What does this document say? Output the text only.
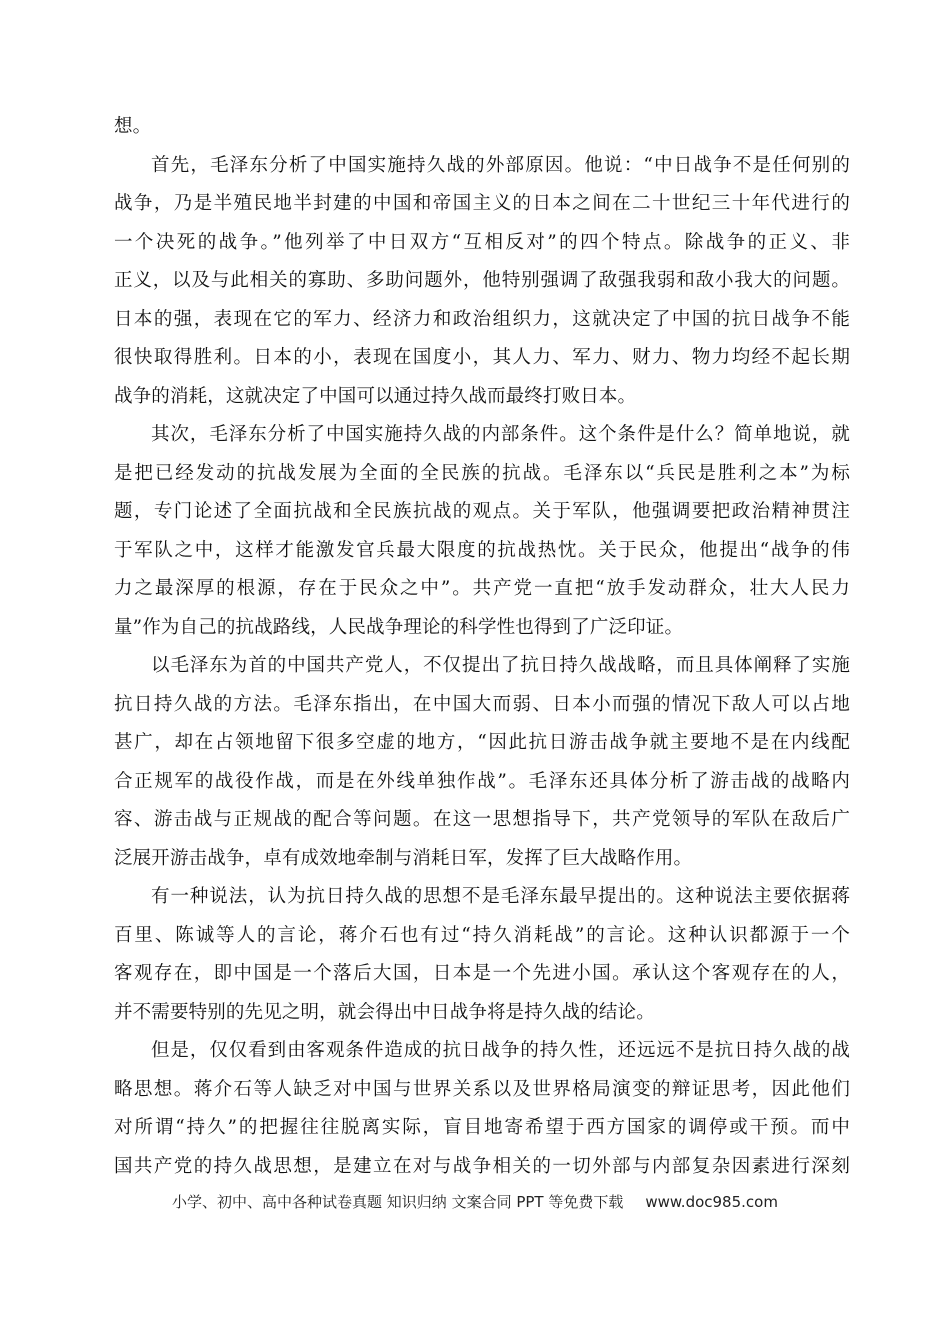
想。
首先，毛泽东分析了中国实施持久战的外部原因。他说：“中日战争不是任何别的
战争，乃是半殖民地半封建的中国和帝国主义的日本之间在二十世纪三十年代进行的
一个决死的战争。”他列举了中日双方“互相反对”的四个特点。除战争的正义、非
正义，以及与此相关的寡助、多助问题外，他特别强调了敌强我弱和敌小我大的问题。
日本的强，表现在它的军力、经济力和政治组织力，这就决定了中国的抗日战争不能
很快取得胜利。日本的小，表现在国度小，其人力、军力、财力、物力均经不起长期
战争的消耗，这就决定了中国可以通过持久战而最终打败日本。
其次，毛泽东分析了中国实施持久战的内部条件。这个条件是什么？简单地说，就
是把已经发动的抗战发展为全面的全民族的抗战。毛泽东以“兵民是胜利之本”为标
题，专门论述了全面抗战和全民族抗战的观点。关于军队，他强调要把政治精神贯注
于军队之中，这样才能激发官兵最大限度的抗战热忱。关于民众，他提出“战争的伟
力之最深厚的根源，存在于民众之中”。共产党一直把“放手发动群众，壮大人民力
量”作为自己的抗战路线，人民战争理论的科学性也得到了广泛印证。
以毛泽东为首的中国共产党人，不仅提出了抗日持久战战略，而且具体阐释了实施
抗日持久战的方法。毛泽东指出，在中国大而弱、日本小而强的情况下敌人可以占地
甚广，却在占领地留下很多空虚的地方，“因此抗日游击战争就主要地不是在内线配
合正规军的战役作战，而是在外线单独作战”。毛泽东还具体分析了游击战的战略内
容、游击战与正规战的配合等问题。在这一思想指导下，共产党领导的军队在敌后广
泛展开游击战争，卓有成效地牵制与消耗日军，发挥了巨大战略作用。
有一种说法，认为抗日持久战的思想不是毛泽东最早提出的。这种说法主要依据蒋
百里、陈诚等人的言论，蒋介石也有过“持久消耗战”的言论。这种认识都源于一个
客观存在，即中国是一个落后大国，日本是一个先进小国。承认这个客观存在的人，
并不需要特别的先见之明，就会得出中日战争将是持久战的结论。
但是，仅仅看到由客观条件造成的抗日战争的持久性，还远远不是抗日持久战的战
略思想。蒋介石等人缺乏对中国与世界关系以及世界格局演变的辩证思考，因此他们
对所谓“持久”的把握往往脱离实际，盲目地寄希望于西方国家的调停或干预。而中
国共产党的持久战思想，是建立在对与战争相关的一切外部与内部复杂因素进行深刻
小学、初中、高中各种试卷真题 知识归纳 文案合同 PPT 等免费下载 www.doc985.com
